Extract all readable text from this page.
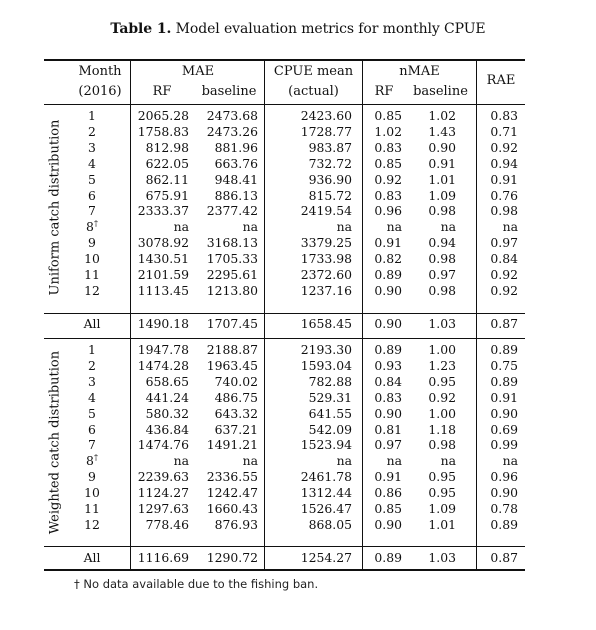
Table 1. Model evaluation metrics for monthly CPUE
Month
(2016)
MAE
RF	baseline
CPUE mean
(actual)
nMAE
RF	baseline
RAE
Uniform catch distribution
Weighted catch distribution
1	2065.28	2473.68	2423.60	0.85	1.02	0.83
2	1758.83	2473.26	1728.77	1.02	1.43	0.71
3	812.98	881.96	983.87	0.83	0.90	0.92
4	622.05	663.76	732.72	0.85	0.91	0.94
5	862.11	948.41	936.90	0.92	1.01	0.91
6	675.91	886.13	815.72	0.83	1.09	0.76
7	2333.37	2377.42	2419.54	0.96	0.98	0.98
8†	na	na	na	na	na	na
9	3078.92	3168.13	3379.25	0.91	0.94	0.97
10	1430.51	1705.33	1733.98	0.82	0.98	0.84
11	2101.59	2295.61	2372.60	0.89	0.97	0.92
12	1113.45	1213.80	1237.16	0.90	0.98	0.92
All	1490.18	1707.45	1658.45	0.90	1.03	0.87
1	1947.78	2188.87	2193.30	0.89	1.00	0.89
2	1474.28	1963.45	1593.04	0.93	1.23	0.75
3	658.65	740.02	782.88	0.84	0.95	0.89
4	441.24	486.75	529.31	0.83	0.92	0.91
5	580.32	643.32	641.55	0.90	1.00	0.90
6	436.84	637.21	542.09	0.81	1.18	0.69
7	1474.76	1491.21	1523.94	0.97	0.98	0.99
8†	na	na	na	na	na	na
9	2239.63	2336.55	2461.78	0.91	0.95	0.96
10	1124.27	1242.47	1312.44	0.86	0.95	0.90
11	1297.63	1660.43	1526.47	0.85	1.09	0.78
12	778.46	876.93	868.05	0.90	1.01	0.89
All	1116.69	1290.72	1254.27	0.89	1.03	0.87
† No data available due to the fishing ban.
